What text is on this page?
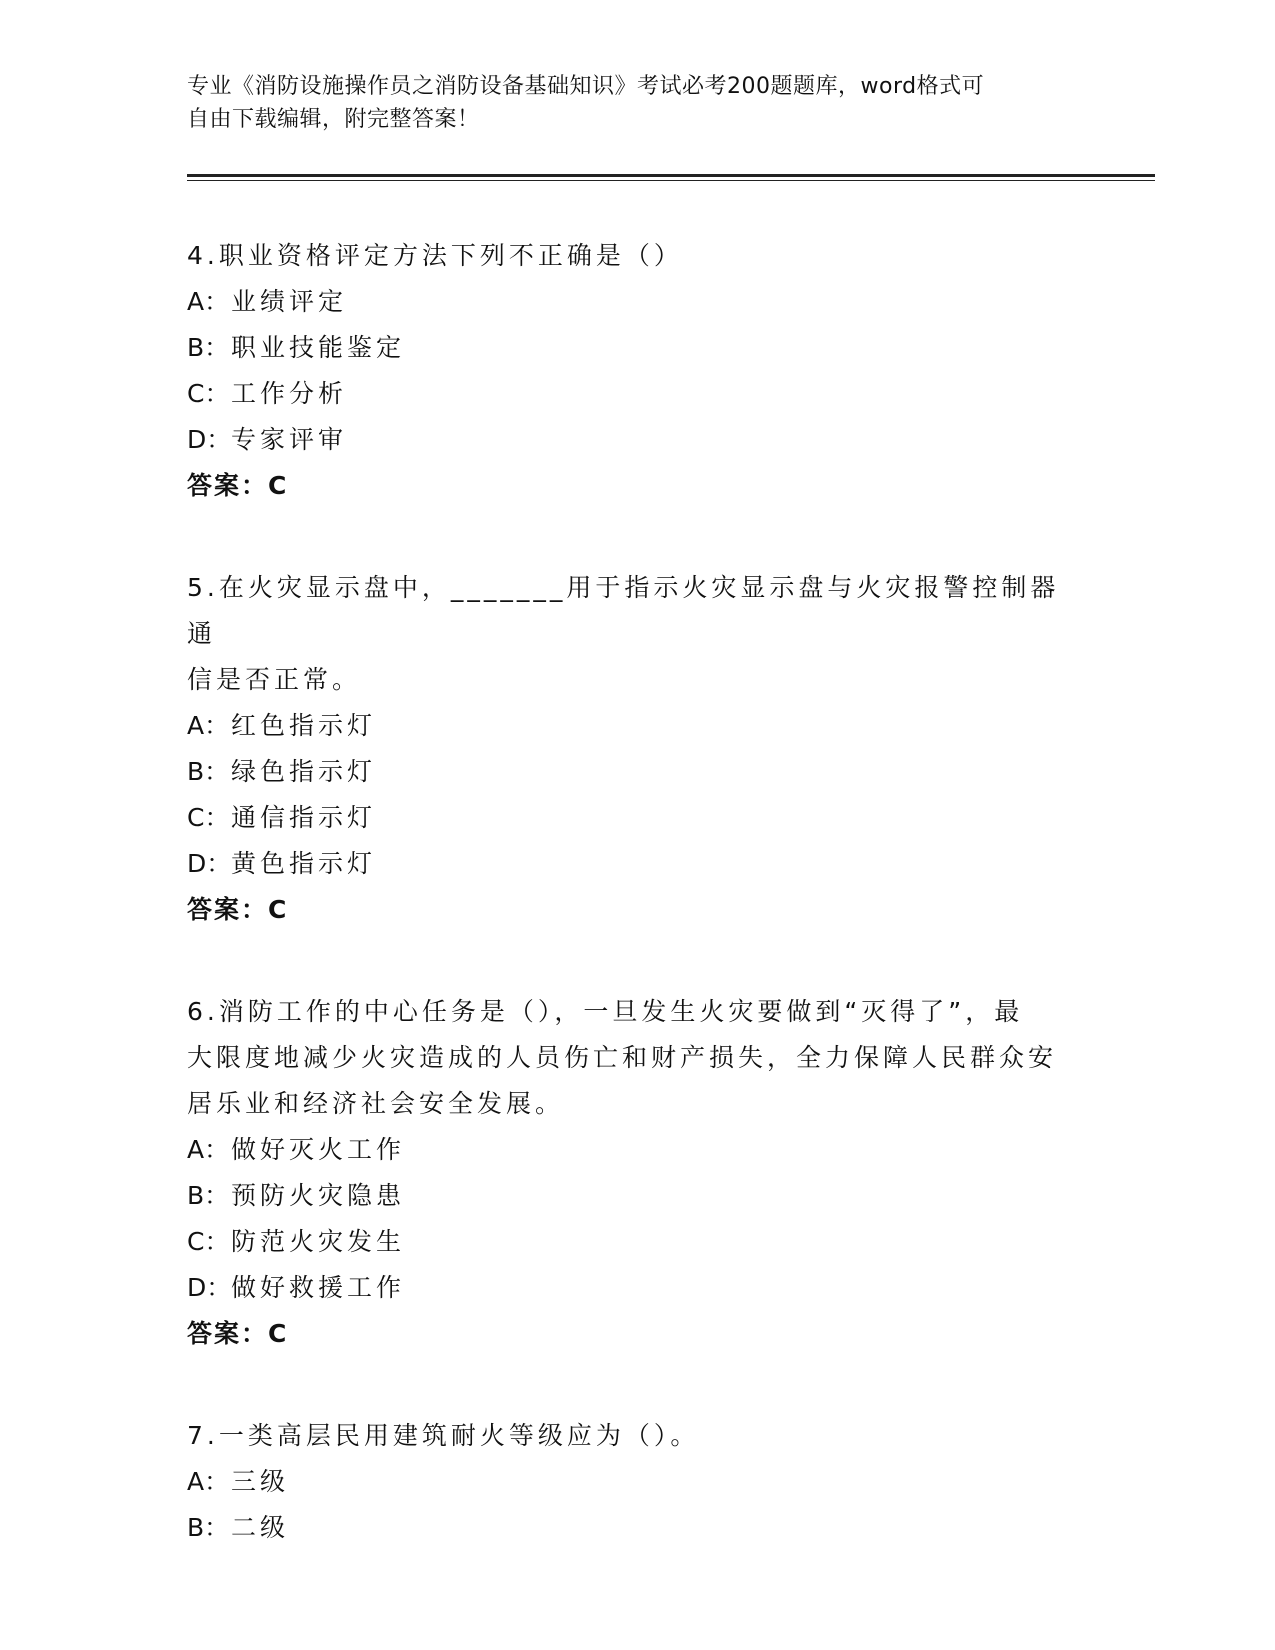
专业《消防设施操作员之消防设备基础知识》考试必考200题题库，word格式可
自由下载编辑，附完整答案！
4.职业资格评定方法下列不正确是（）
A：业绩评定
B：职业技能鉴定
C：工作分析
D：专家评审
答案：C
5.在火灾显示盘中，_______用于指示火灾显示盘与火灾报警控制器通
信是否正常。
A：红色指示灯
B：绿色指示灯
C：通信指示灯
D：黄色指示灯
答案：C
6.消防工作的中心任务是（），一旦发生火灾要做到“灭得了”，最
大限度地减少火灾造成的人员伤亡和财产损失，全力保障人民群众安
居乐业和经济社会安全发展。
A：做好灭火工作
B：预防火灾隐患
C：防范火灾发生
D：做好救援工作
答案：C
7.一类高层民用建筑耐火等级应为（）。
A：三级
B：二级
